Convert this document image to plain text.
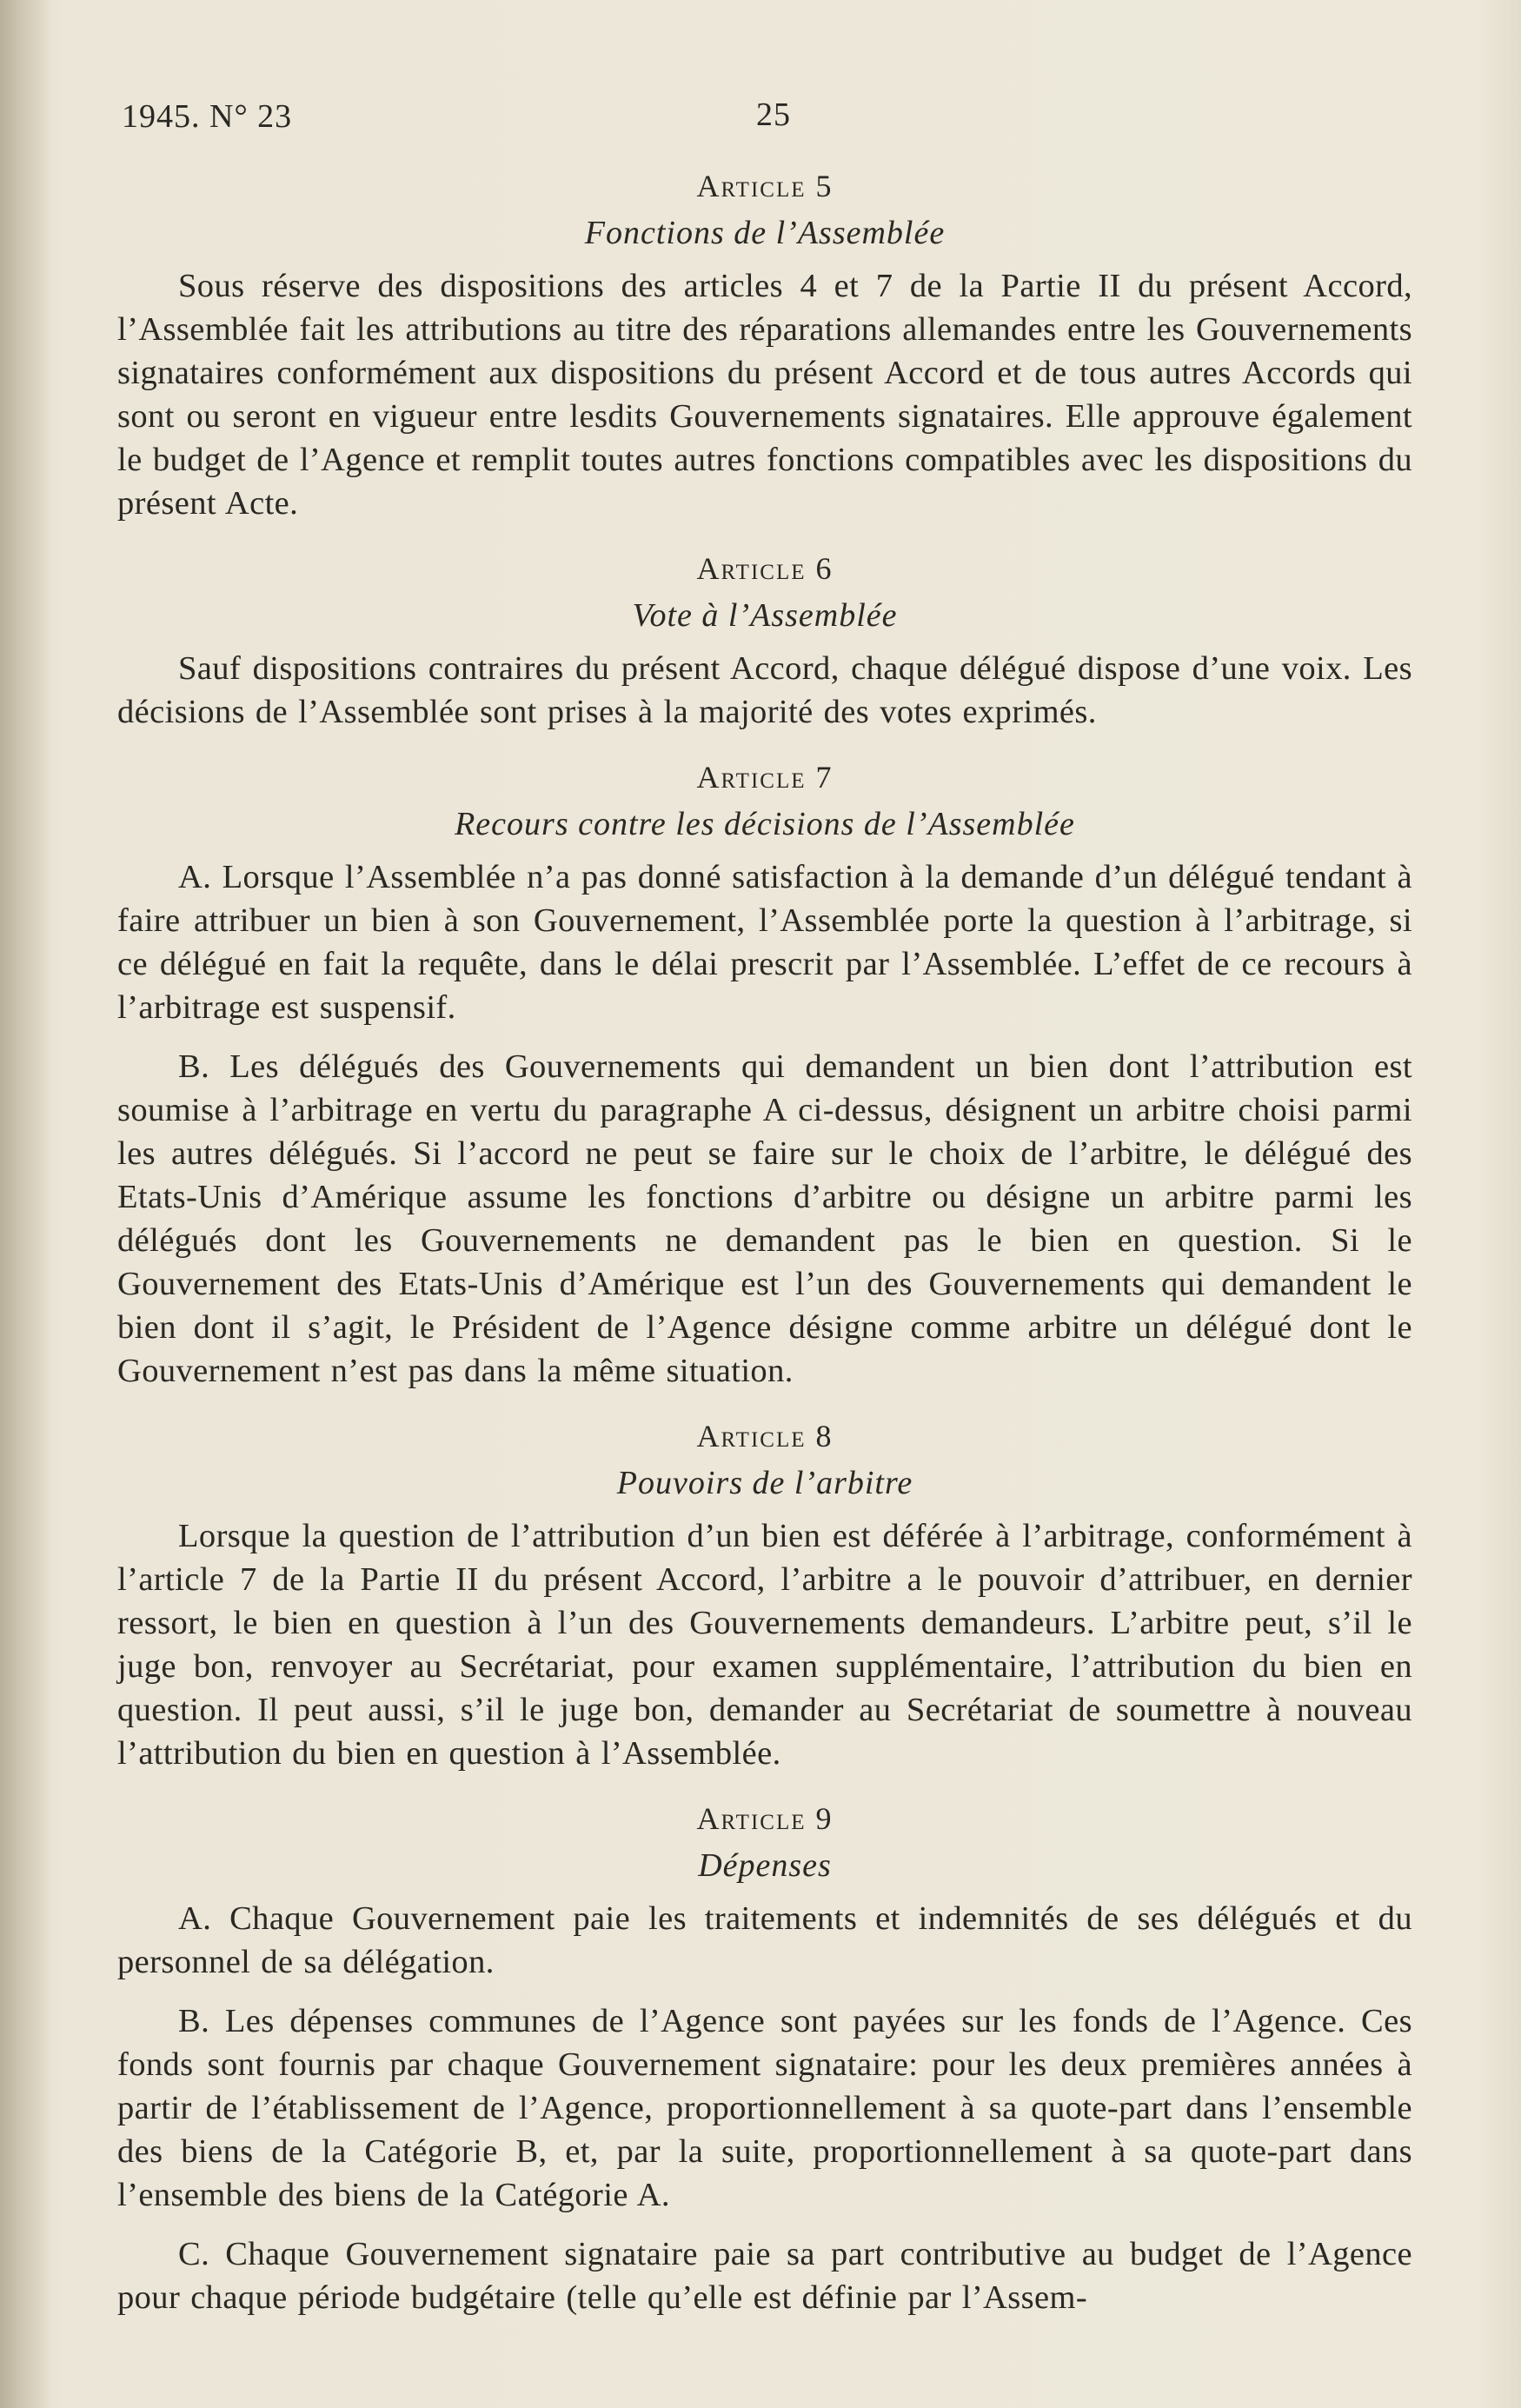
1945. N° 23	25
Article 5
Fonctions de l’Assemblée

Sous réserve des dispositions des articles 4 et 7 de la Partie II du présent Accord, l’Assemblée fait les attributions au titre des réparations allemandes entre les Gouvernements signataires conformément aux dispositions du présent Accord et de tous autres Accords qui sont ou seront en vigueur entre lesdits Gouvernements signataires. Elle approuve également le budget de l’Agence et remplit toutes autres fonctions compatibles avec les dispositions du présent Acte.

Article 6
Vote à l’Assemblée

Sauf dispositions contraires du présent Accord, chaque délégué dispose d’une voix. Les décisions de l’Assemblée sont prises à la majorité des votes exprimés.

Article 7
Recours contre les décisions de l’Assemblée

A. Lorsque l’Assemblée n’a pas donné satisfaction à la demande d’un délégué tendant à faire attribuer un bien à son Gouvernement, l’Assemblée porte la question à l’arbitrage, si ce délégué en fait la requête, dans le délai prescrit par l’Assemblée. L’effet de ce recours à l’arbitrage est suspensif.

B. Les délégués des Gouvernements qui demandent un bien dont l’attribution est soumise à l’arbitrage en vertu du paragraphe A ci-dessus, désignent un arbitre choisi parmi les autres délégués. Si l’accord ne peut se faire sur le choix de l’arbitre, le délégué des Etats-Unis d’Amérique assume les fonctions d’arbitre ou désigne un arbitre parmi les délégués dont les Gouvernements ne demandent pas le bien en question. Si le Gouvernement des Etats-Unis d’Amérique est l’un des Gouvernements qui demandent le bien dont il s’agit, le Président de l’Agence désigne comme arbitre un délégué dont le Gouvernement n’est pas dans la même situation.

Article 8
Pouvoirs de l’arbitre

Lorsque la question de l’attribution d’un bien est déférée à l’arbitrage, conformément à l’article 7 de la Partie II du présent Accord, l’arbitre a le pouvoir d’attribuer, en dernier ressort, le bien en question à l’un des Gouvernements demandeurs. L’arbitre peut, s’il le juge bon, renvoyer au Secrétariat, pour examen supplémentaire, l’attribution du bien en question. Il peut aussi, s’il le juge bon, demander au Secrétariat de soumettre à nouveau l’attribution du bien en question à l’Assemblée.

Article 9
Dépenses

A. Chaque Gouvernement paie les traitements et indemnités de ses délégués et du personnel de sa délégation.

B. Les dépenses communes de l’Agence sont payées sur les fonds de l’Agence. Ces fonds sont fournis par chaque Gouvernement signataire: pour les deux premières années à partir de l’établissement de l’Agence, proportionnellement à sa quote-part dans l’ensemble des biens de la Catégorie B, et, par la suite, proportionnellement à sa quote-part dans l’ensemble des biens de la Catégorie A.

C. Chaque Gouvernement signataire paie sa part contributive au budget de l’Agence pour chaque période budgétaire (telle qu’elle est définie par l’Assem-
